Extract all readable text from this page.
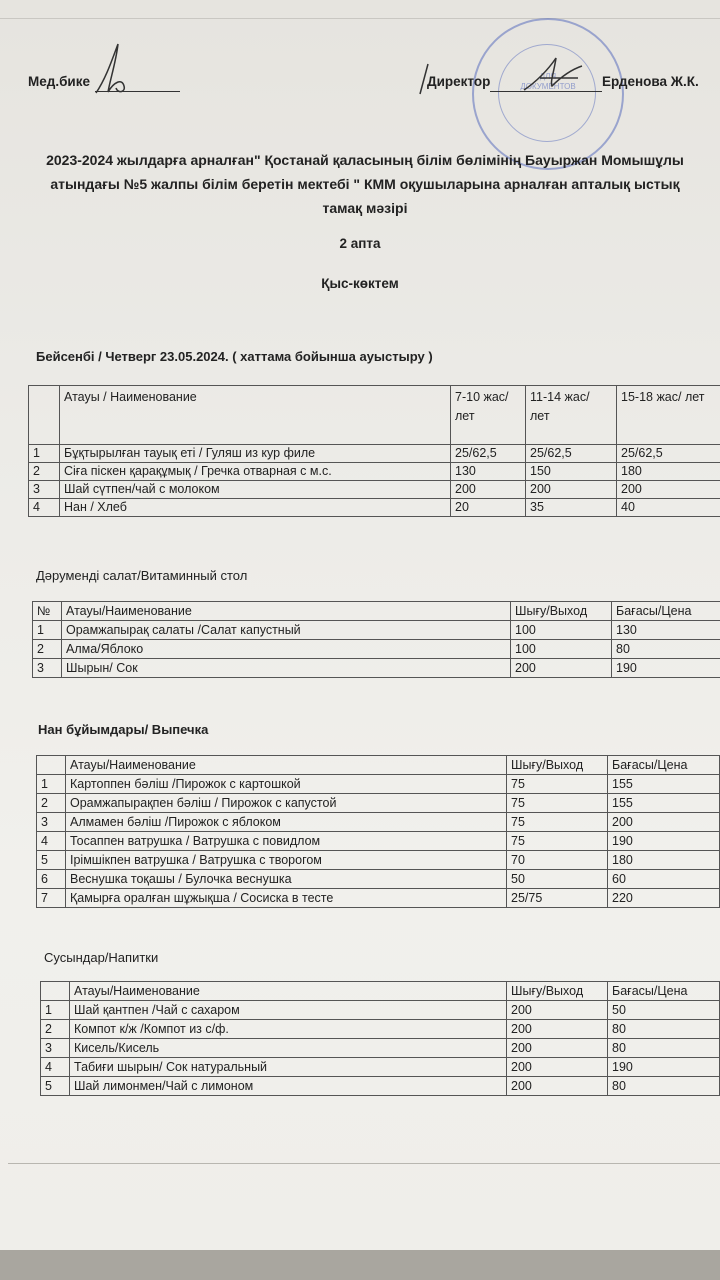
ДЛЯ
ДОКУМЕНТОВ
Мед.бике	Директор	Ерденова Ж.К.
2023-2024 жылдарға арналған" Қостанай қаласының білім бөлімінің Бауыржан Момышұлы
атындағы №5 жалпы білім беретін мектебі " КММ оқушыларына арналған апталық ыстық
тамақ мәзірі
2 апта
Қыс-көктем
Бейсенбі / Четверг 23.05.2024. ( хаттама бойынша ауыстыру )
	Атауы / Наименование	7-10 жас/ лет	11-14 жас/ лет	15-18 жас/ лет
1	Бұқтырылған тауық еті / Гуляш из кур филе	25/62,5	25/62,5	25/62,5
2	Сіға піскен қарақұмық / Гречка отварная с м.с.	130	150	180
3	Шай сүтпен/чай с молоком	200	200	200
4	Нан / Хлеб	20	35	40
Дәруменді салат/Витаминный стол
№	Атауы/Наименование	Шығу/Выход	Бағасы/Цена
1	Орамжапырақ салаты /Салат капустный	100	130
2	Алма/Яблоко	100	80
3	Шырын/ Сок	200	190
Нан бұйымдары/ Выпечка
	Атауы/Наименование	Шығу/Выход	Бағасы/Цена
1	Картоппен бәліш /Пирожок с картошкой	75	155
2	Орамжапырақпен бәліш / Пирожок с капустой	75	155
3	Алмамен бәліш /Пирожок с яблоком	75	200
4	Тосаппен ватрушка / Ватрушка с повидлом	75	190
5	Ірімшікпен ватрушка / Ватрушка с творогом	70	180
6	Веснушка тоқашы / Булочка веснушка	50	60
7	Қамырға оралған шұжықша / Сосиска в тесте	25/75	220
Сусындар/Напитки
	Атауы/Наименование	Шығу/Выход	Бағасы/Цена
1	Шай қантпен /Чай с сахаром	200	50
2	Компот к/ж /Компот из с/ф.	200	80
3	Кисель/Кисель	200	80
4	Табиғи шырын/ Сок натуральный	200	190
5	Шай лимонмен/Чай с лимоном	200	80
